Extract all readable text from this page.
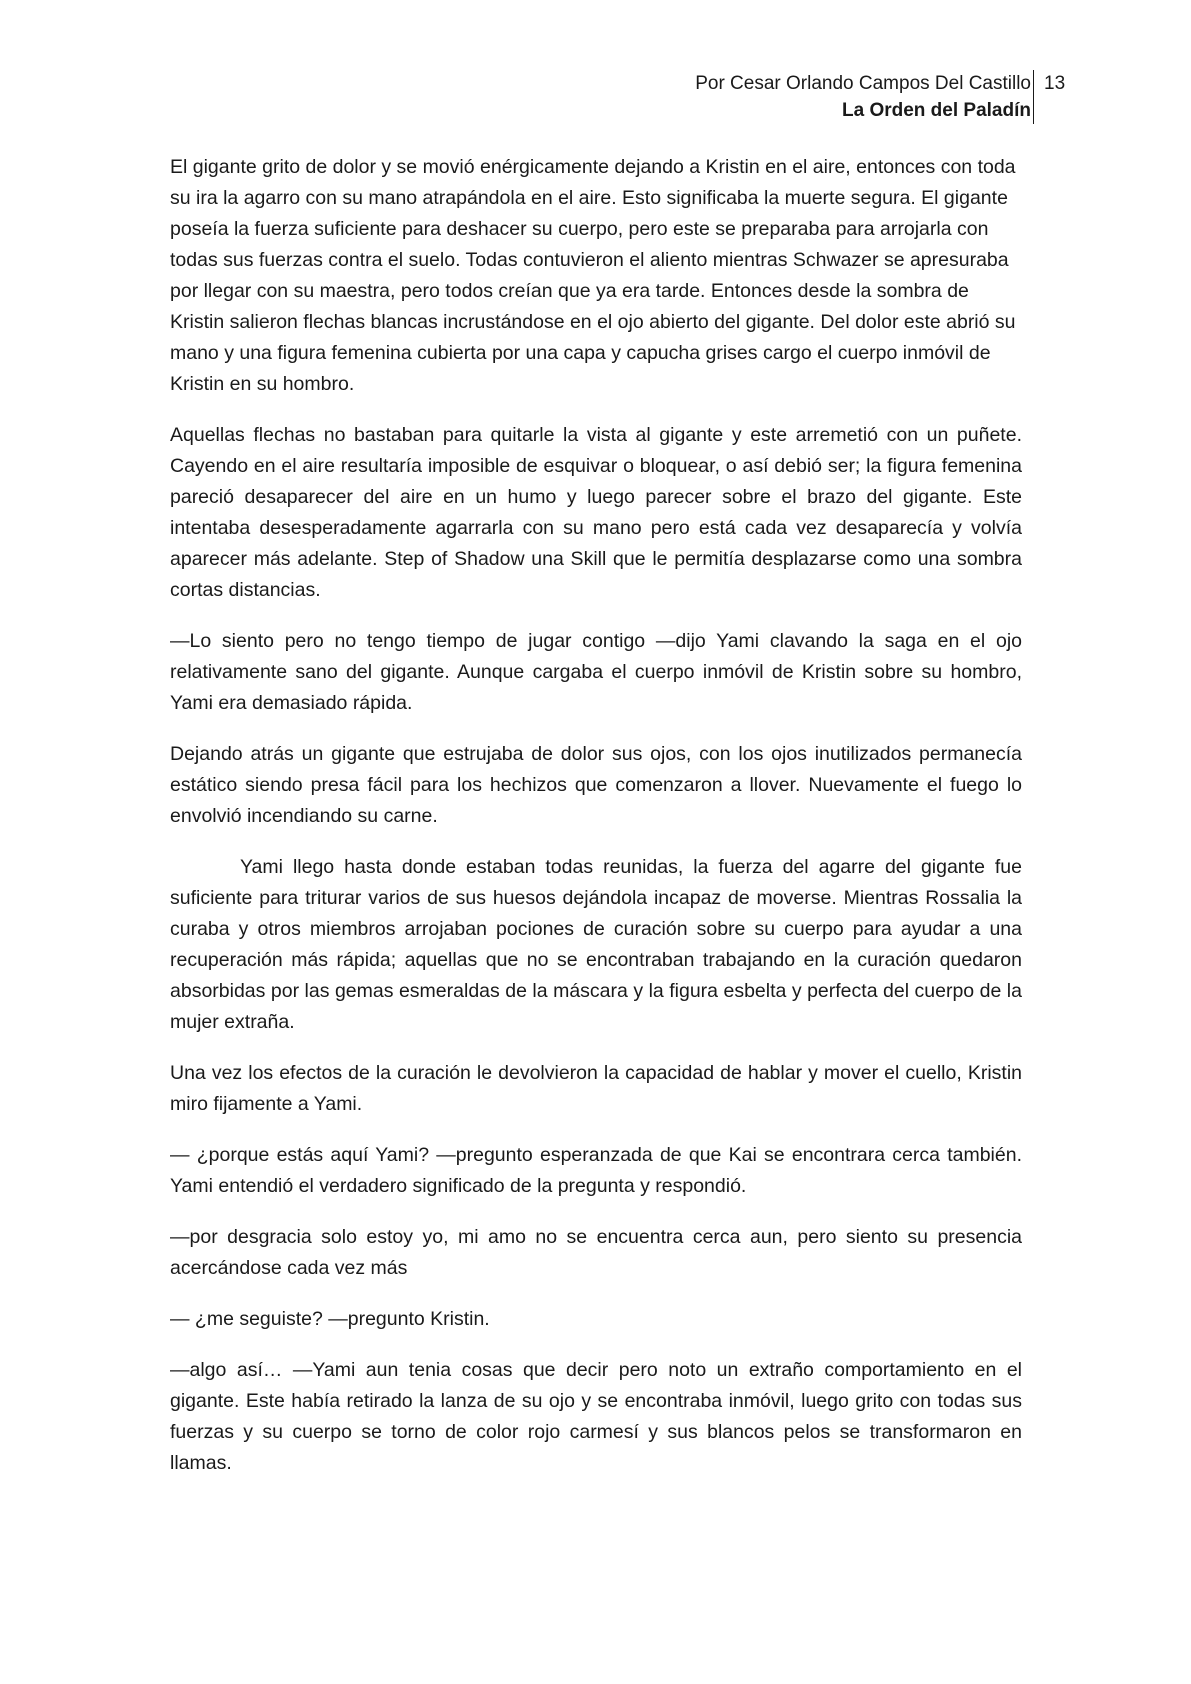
Por Cesar Orlando Campos Del Castillo
La Orden del Paladín
13

El gigante grito de dolor y se movió enérgicamente dejando a Kristin en el aire, entonces con toda su ira la agarro con su mano atrapándola en el aire. Esto significaba la muerte segura. El gigante poseía la fuerza suficiente para deshacer su cuerpo, pero este se preparaba para arrojarla con todas sus fuerzas contra el suelo. Todas contuvieron el aliento mientras Schwazer se apresuraba por llegar con su maestra, pero todos creían que ya era tarde. Entonces desde la sombra de Kristin salieron flechas blancas incrustándose en el ojo abierto del gigante. Del dolor este abrió su mano y una figura femenina cubierta por una capa y capucha grises cargo el cuerpo inmóvil de Kristin en su hombro.

Aquellas flechas no bastaban para quitarle la vista al gigante y este arremetió con un puñete. Cayendo en el aire resultaría imposible de esquivar o bloquear, o así debió ser; la figura femenina pareció desaparecer del aire en un humo y luego parecer sobre el brazo del gigante. Este intentaba desesperadamente agarrarla con su mano pero está cada vez desaparecía y volvía aparecer más adelante. Step of Shadow una Skill que le permitía desplazarse como una sombra cortas distancias.

—Lo siento pero no tengo tiempo de jugar contigo —dijo Yami clavando la saga en el ojo relativamente sano del gigante. Aunque cargaba el cuerpo inmóvil de Kristin sobre su hombro, Yami era demasiado rápida.

Dejando atrás un gigante que estrujaba de dolor sus ojos, con los ojos inutilizados permanecía estático siendo presa fácil para los hechizos que comenzaron a llover. Nuevamente el fuego lo envolvió incendiando su carne.

Yami llego hasta donde estaban todas reunidas, la fuerza del agarre del gigante fue suficiente para triturar varios de sus huesos dejándola incapaz de moverse. Mientras Rossalia la curaba y otros miembros arrojaban pociones de curación sobre su cuerpo para ayudar a una recuperación más rápida; aquellas que no se encontraban trabajando en la curación quedaron absorbidas por las gemas esmeraldas de la máscara y la figura esbelta y perfecta del cuerpo de la mujer extraña.

Una vez los efectos de la curación le devolvieron la capacidad de hablar y mover el cuello, Kristin miro fijamente a Yami.

— ¿porque estás aquí Yami? —pregunto esperanzada de que Kai se encontrara cerca también. Yami entendió el verdadero significado de la pregunta y respondió.

—por desgracia solo estoy yo, mi amo no se encuentra cerca aun, pero siento su presencia acercándose cada vez más

— ¿me seguiste? —pregunto Kristin.

—algo así… —Yami aun tenia cosas que decir pero noto un extraño comportamiento en el gigante. Este había retirado la lanza de su ojo y se encontraba inmóvil, luego grito con todas sus fuerzas y su cuerpo se torno de color rojo carmesí y sus blancos pelos se transformaron en llamas.
